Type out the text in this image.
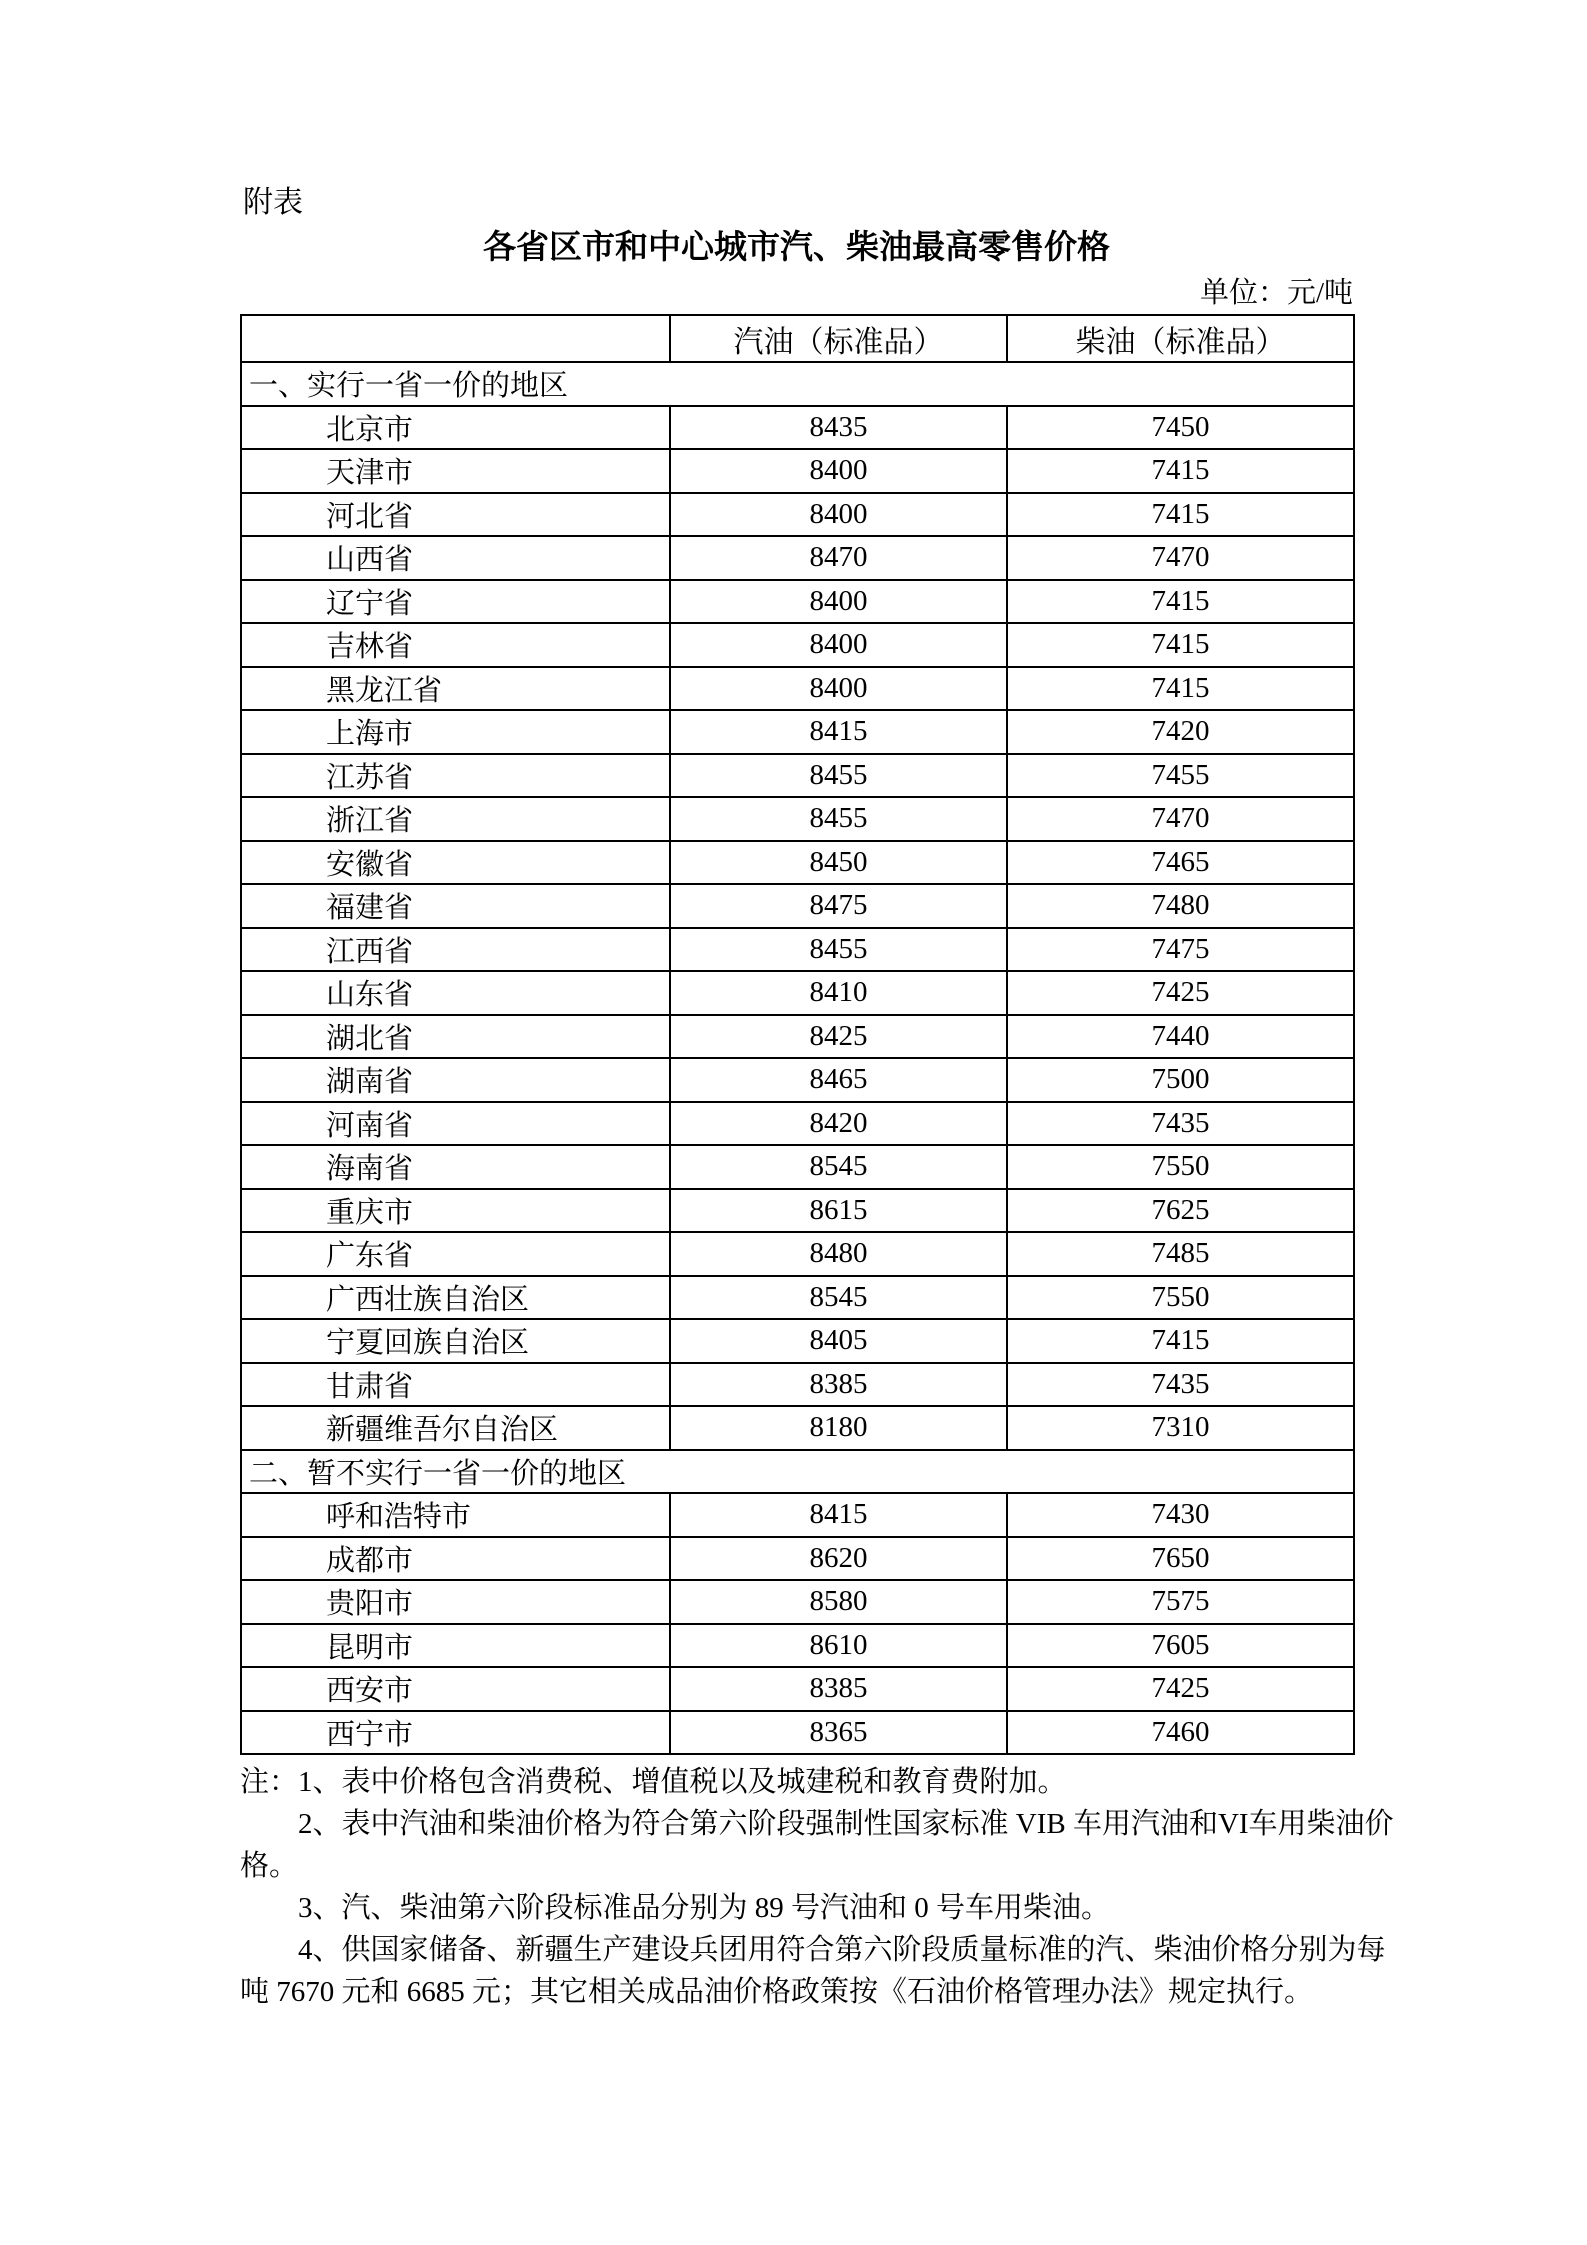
附表
各省区市和中心城市汽、柴油最高零售价格
单位：元/吨
	汽油（标准品）	柴油（标准品）
一、实行一省一价的地区		
北京市	8435	7450
天津市	8400	7415
河北省	8400	7415
山西省	8470	7470
辽宁省	8400	7415
吉林省	8400	7415
黑龙江省	8400	7415
上海市	8415	7420
江苏省	8455	7455
浙江省	8455	7470
安徽省	8450	7465
福建省	8475	7480
江西省	8455	7475
山东省	8410	7425
湖北省	8425	7440
湖南省	8465	7500
河南省	8420	7435
海南省	8545	7550
重庆市	8615	7625
广东省	8480	7485
广西壮族自治区	8545	7550
宁夏回族自治区	8405	7415
甘肃省	8385	7435
新疆维吾尔自治区	8180	7310
二、暂不实行一省一价的地区		
呼和浩特市	8415	7430
成都市	8620	7650
贵阳市	8580	7575
昆明市	8610	7605
西安市	8385	7425
西宁市	8365	7460
注：1、表中价格包含消费税、增值税以及城建税和教育费附加。
2、表中汽油和柴油价格为符合第六阶段强制性国家标准 VIB 车用汽油和VI车用柴油价
格。
3、汽、柴油第六阶段标准品分别为 89 号汽油和 0 号车用柴油。
4、供国家储备、新疆生产建设兵团用符合第六阶段质量标准的汽、柴油价格分别为每
吨 7670 元和 6685 元；其它相关成品油价格政策按《石油价格管理办法》规定执行。
